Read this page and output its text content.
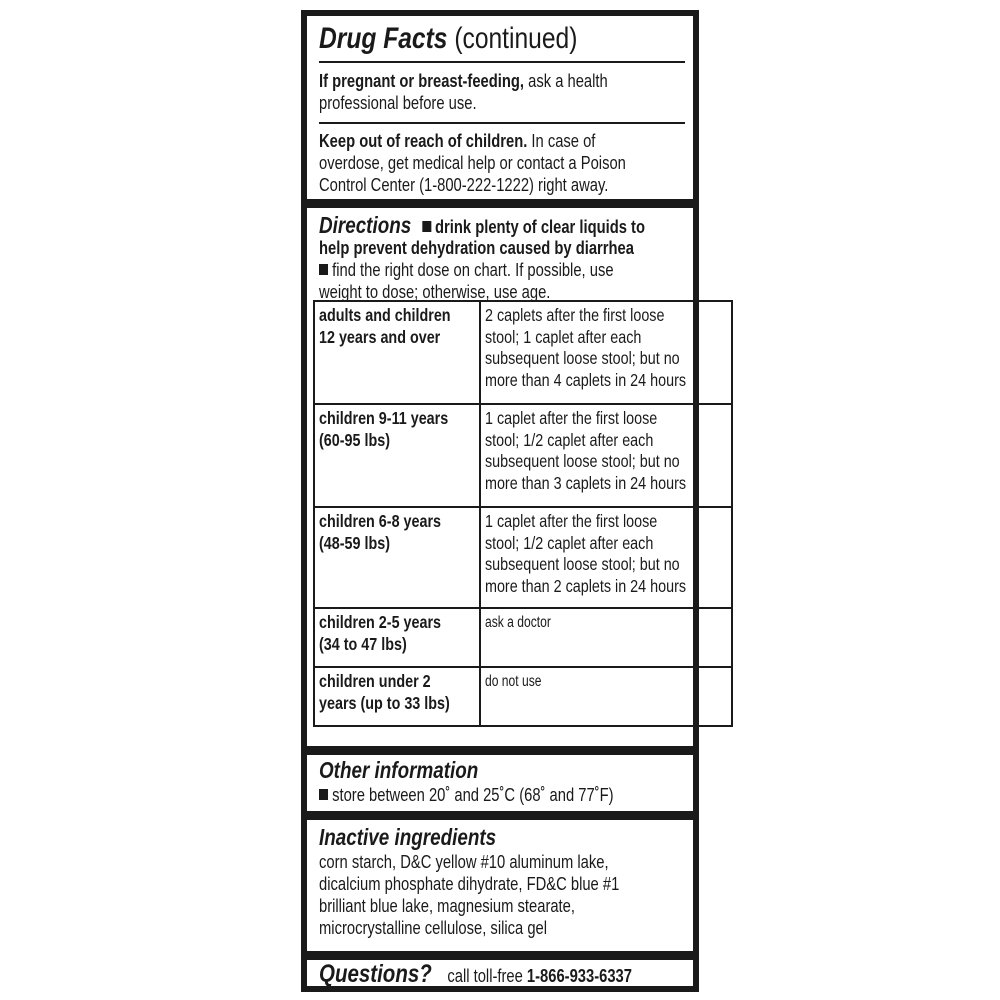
Drug Facts (continued)
If pregnant or breast-feeding, ask a health
professional before use.
Keep out of reach of children. In case of
overdose, get medical help or contact a Poison
Control Center (1-800-222-1222) right away.
Directions drink plenty of clear liquids to
help prevent dehydration caused by diarrhea
find the right dose on chart. If possible, use
weight to dose; otherwise, use age.
adults and children
12 years and over	2 caplets after the first loose
stool; 1 caplet after each
subsequent loose stool; but no
more than 4 caplets in 24 hours

children 9-11 years
(60-95 lbs)	1 caplet after the first loose
stool; 1/2 caplet after each
subsequent loose stool; but no
more than 3 caplets in 24 hours

children 6-8 years
(48-59 lbs)	1 caplet after the first loose
stool; 1/2 caplet after each
subsequent loose stool; but no
more than 2 caplets in 24 hours

children 2-5 years
(34 to 47 lbs)	ask a doctor

children under 2
years (up to 33 lbs)	do not use
Other information
store between 20˚ and 25˚C (68˚ and 77˚F)
Inactive ingredients
corn starch, D&C yellow #10 aluminum lake,
dicalcium phosphate dihydrate, FD&C blue #1
brilliant blue lake, magnesium stearate,
microcrystalline cellulose, silica gel
Questions? call toll-free 1-866-933-6337
